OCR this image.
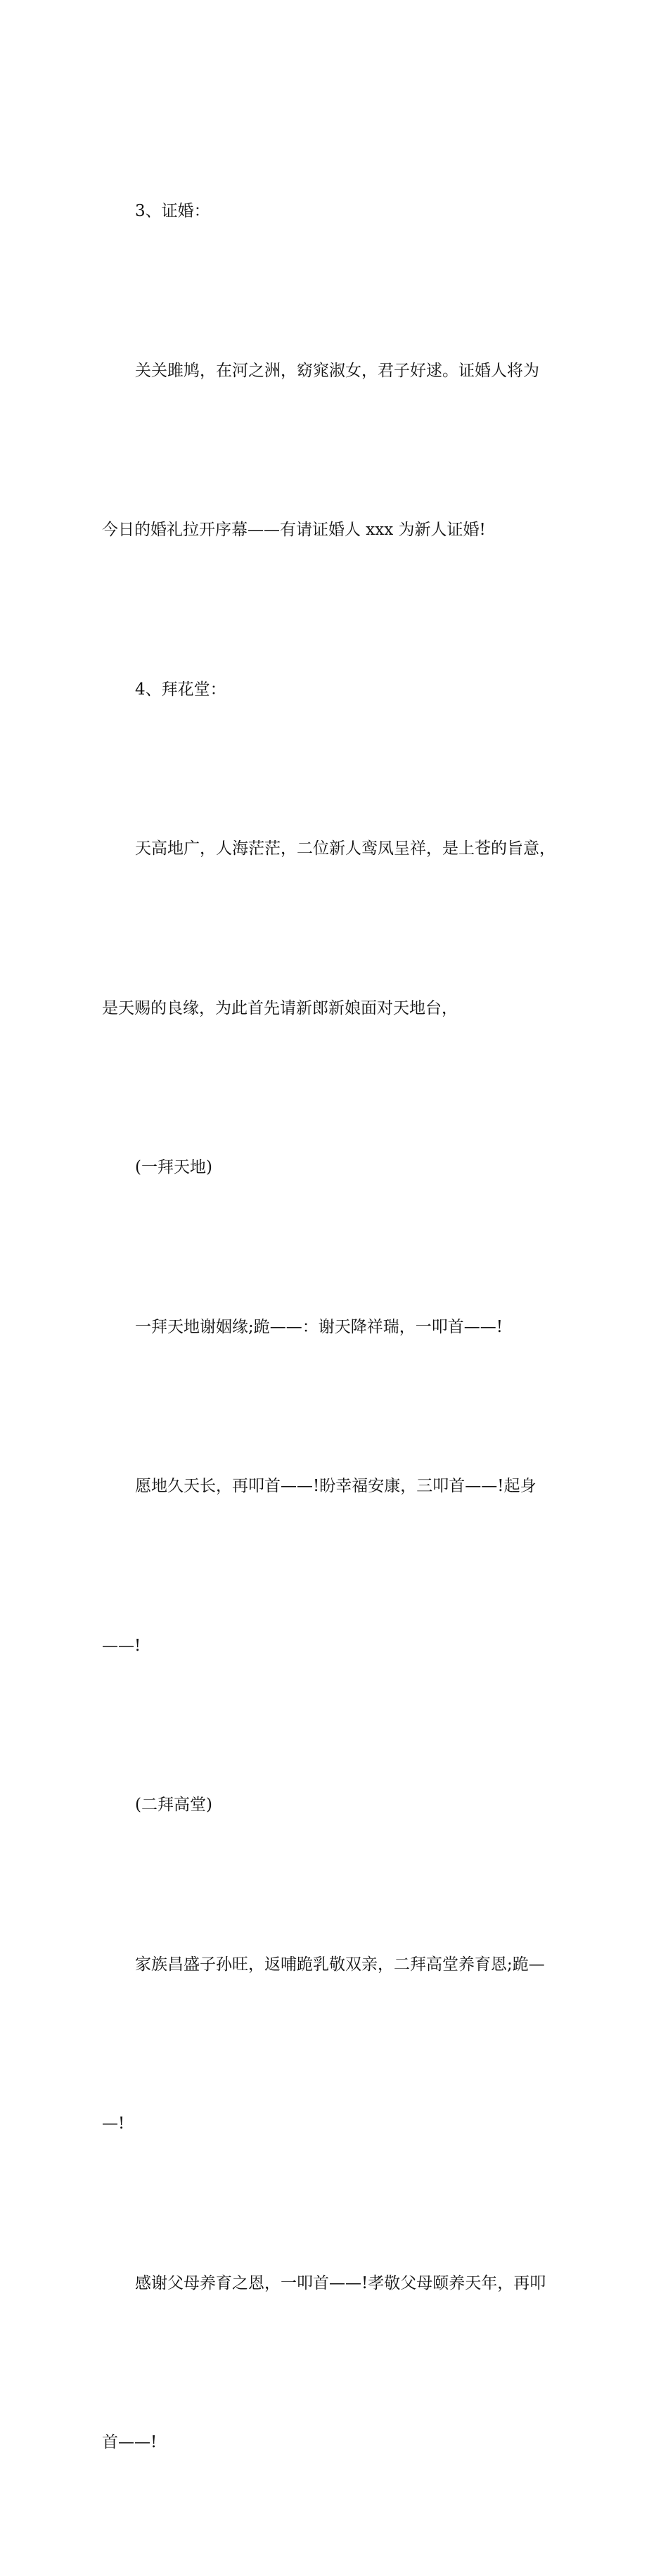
3、证婚：

关关雎鸠，在河之洲，窈窕淑女，君子好逑。证婚人将为

今日的婚礼拉开序幕——有请证婚人 xxx 为新人证婚!

4、拜花堂：

天高地广，人海茫茫，二位新人鸾凤呈祥，是上苍的旨意，

是天赐的良缘，为此首先请新郎新娘面对天地台，

(一拜天地)

一拜天地谢姻缘;跪——：谢天降祥瑞，一叩首——!

愿地久天长，再叩首——!盼幸福安康，三叩首——!起身

——!

(二拜高堂)

家族昌盛子孙旺，返哺跪乳敬双亲，二拜高堂养育恩;跪—

—!

感谢父母养育之恩，一叩首——!孝敬父母颐养天年，再叩

首——!
